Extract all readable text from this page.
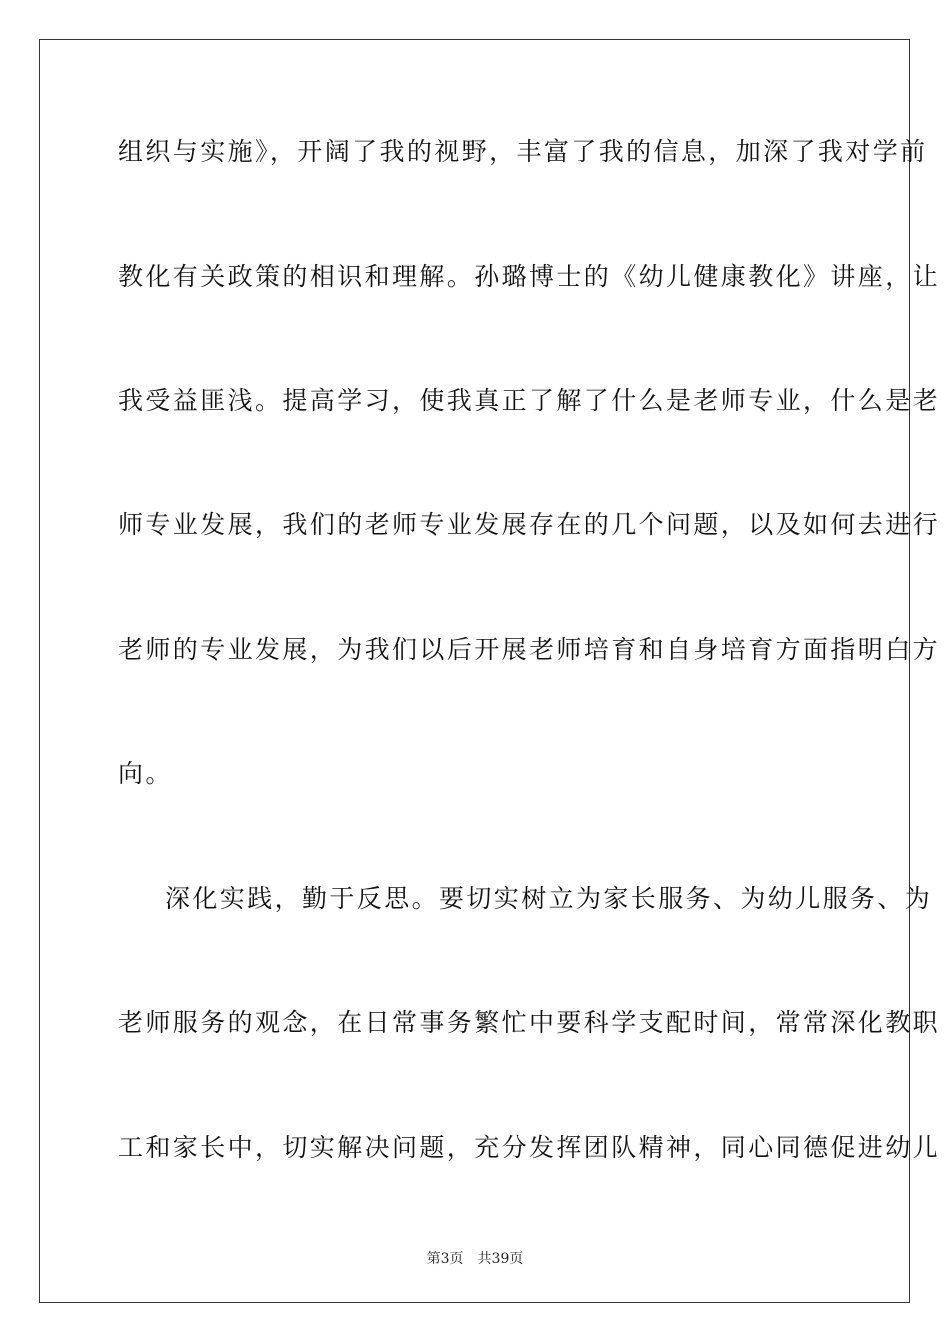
组织与实施》，开阔了我的视野，丰富了我的信息，加深了我对学前
教化有关政策的相识和理解。孙璐博士的《幼儿健康教化》讲座，让
我受益匪浅。提高学习，使我真正了解了什么是老师专业，什么是老
师专业发展，我们的老师专业发展存在的几个问题，以及如何去进行
老师的专业发展，为我们以后开展老师培育和自身培育方面指明白方
向。
深化实践，勤于反思。要切实树立为家长服务、为幼儿服务、为
老师服务的观念，在日常事务繁忙中要科学支配时间，常常深化教职
工和家长中，切实解决问题，充分发挥团队精神，同心同德促进幼儿
第3页 共39页
